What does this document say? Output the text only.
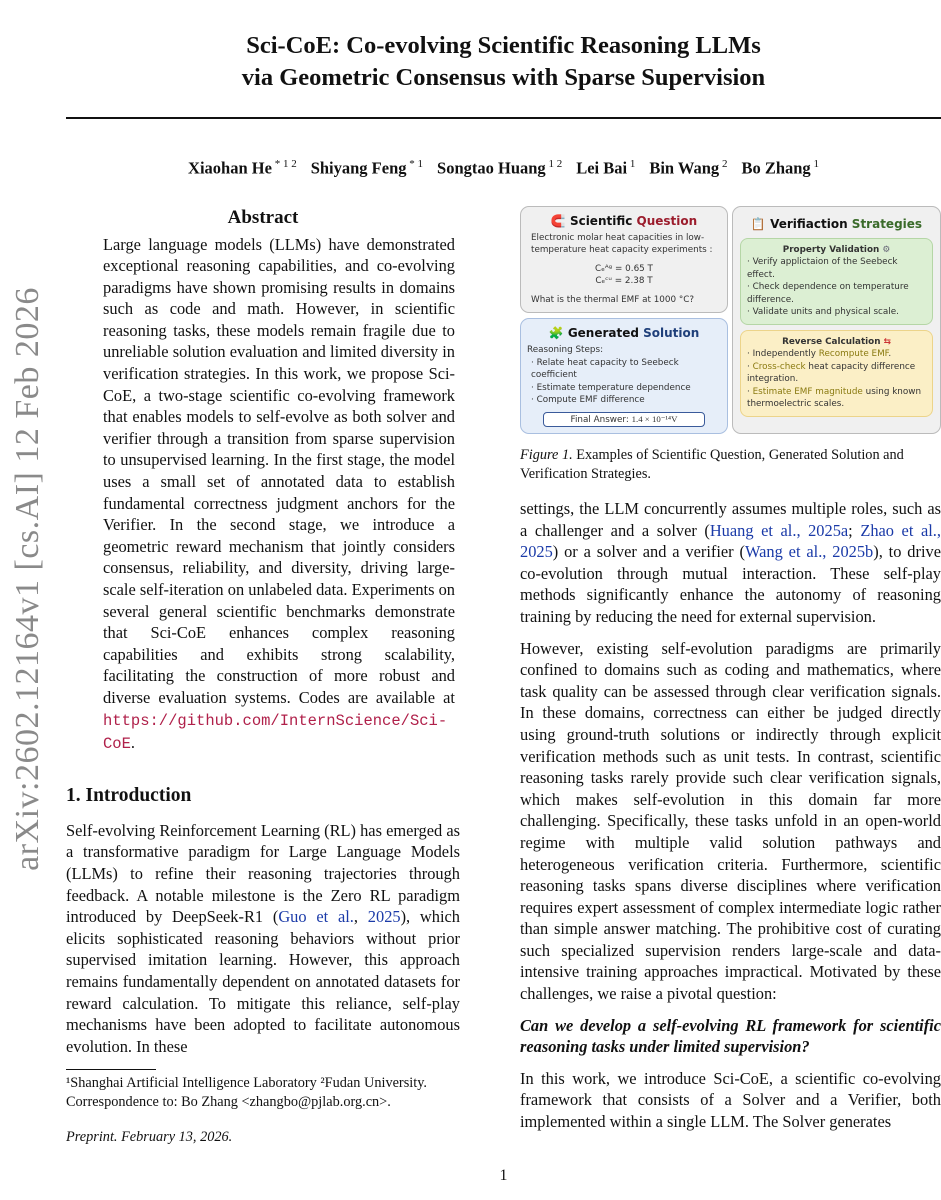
arXiv:2602.12164v1 [cs.AI] 12 Feb 2026
Sci-CoE: Co-evolving Scientific Reasoning LLMs
via Geometric Consensus with Sparse Supervision
Xiaohan He $^{* 1 2}$ Shiyang Feng $^{* 1}$ Songtao Huang $^{1 2}$ Lei Bai $^1$ Bin Wang $^2$ Bo Zhang $^1$
Abstract
Large language models (LLMs) have demonstrated exceptional reasoning capabilities, and co-evolving paradigms have shown promising results in domains such as code and math. However, in scientific reasoning tasks, these models remain fragile due to unreliable solution evaluation and limited diversity in verification strategies. In this work, we propose Sci-CoE, a two-stage scientific co-evolving framework that enables models to self-evolve as both solver and verifier through a transition from sparse supervision to unsupervised learning. In the first stage, the model uses a small set of annotated data to establish fundamental correctness judgment anchors for the Verifier. In the second stage, we introduce a geometric reward mechanism that jointly considers consensus, reliability, and diversity, driving large-scale self-iteration on unlabeled data. Experiments on several general scientific benchmarks demonstrate that Sci-CoE enhances complex reasoning capabilities and exhibits strong scalability, facilitating the construction of more robust and diverse evaluation systems. Codes are available at https://github.com/InternScience/Sci-CoE.
1. Introduction
Self-evolving Reinforcement Learning (RL) has emerged as a transformative paradigm for Large Language Models (LLMs) to refine their reasoning trajectories through feedback. A notable milestone is the Zero RL paradigm introduced by DeepSeek-R1 (Guo et al., 2025), which elicits sophisticated reasoning behaviors without prior supervised imitation learning. However, this approach remains fundamentally dependent on annotated datasets for reward calculation. To mitigate this reliance, self-play mechanisms have been adopted to facilitate autonomous evolution. In these
¹Shanghai Artificial Intelligence Laboratory ²Fudan University. Correspondence to: Bo Zhang <zhangbo@pjlab.org.cn>.
Preprint. February 13, 2026.
🧲 Scientific Question
Electronic molar heat capacities in low-temperature heat capacity experiments :
Cₑᴬᵍ = 0.65 T
Cₑᶜᵘ = 2.38 T
What is the thermal EMF at 1000 °C?
🧩 Generated Solution
Reasoning Steps:
· Relate heat capacity to Seebeck coefficient
· Estimate temperature dependence
· Compute EMF difference
Final Answer: 1.4 × 10⁻¹⁴V
📋 Verifiaction Strategies
Property Validation ⚙
· Verify applictaion of the Seebeck effect.
· Check dependence on temperature difference.
· Validate units and physical scale.
Reverse Calculation ⇆
· Independently Recompute EMF.
· Cross-check heat capacity difference integration.
· Estimate EMF magnitude using known thermoelectric scales.
Figure 1. Examples of Scientific Question, Generated Solution and Verification Strategies.

settings, the LLM concurrently assumes multiple roles, such as a challenger and a solver (Huang et al., 2025a; Zhao et al., 2025) or a solver and a verifier (Wang et al., 2025b), to drive co-evolution through mutual interaction. These self-play methods significantly enhance the autonomy of reasoning training by reducing the need for external supervision.

However, existing self-evolution paradigms are primarily confined to domains such as coding and mathematics, where task quality can be assessed through clear verification signals. In these domains, correctness can either be judged directly using ground-truth solutions or indirectly through explicit verification methods such as unit tests. In contrast, scientific reasoning tasks rarely provide such clear verification signals, which makes self-evolution in this domain far more challenging. Specifically, these tasks unfold in an open-world regime with multiple valid solution pathways and heterogeneous verification criteria. Furthermore, scientific reasoning tasks spans diverse disciplines where verification requires expert assessment of complex intermediate logic rather than simple answer matching. The prohibitive cost of curating such specialized supervision renders large-scale and data-intensive training approaches impractical. Motivated by these challenges, we raise a pivotal question:

Can we develop a self-evolving RL framework for scientific reasoning tasks under limited supervision?

In this work, we introduce Sci-CoE, a scientific co-evolving framework that consists of a Solver and a Verifier, both implemented within a single LLM. The Solver generates

1
